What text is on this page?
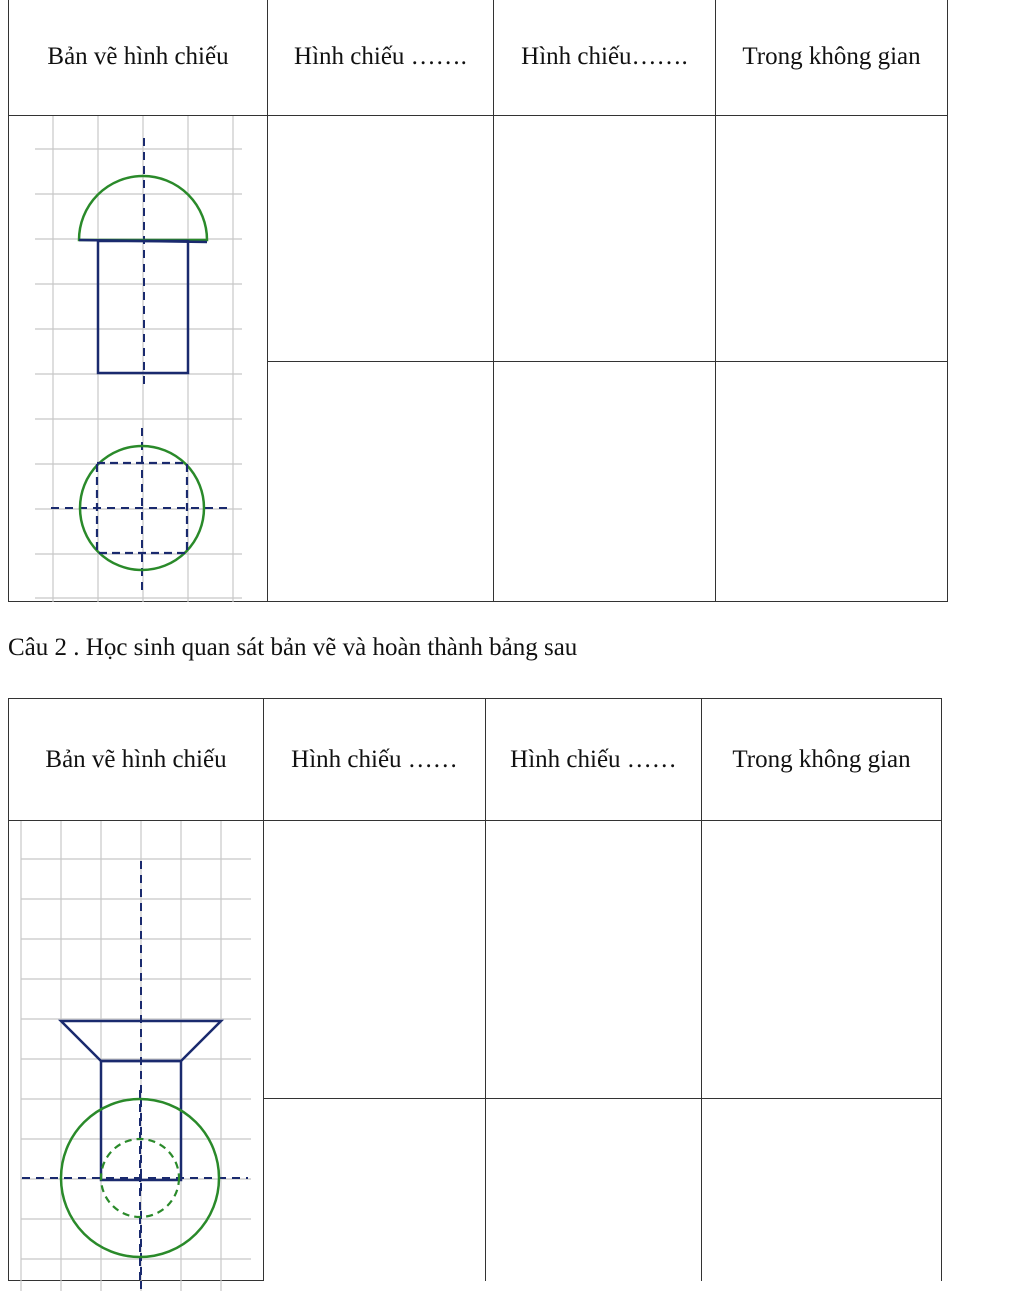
Bản vẽ hình chiếu	Hình chiếu …….	Hình chiếu…….	Trong không gian

Câu 2 . Học sinh quan sát bản vẽ và hoàn thành bảng sau
Bản vẽ hình chiếu	Hình chiếu ……	Hình chiếu ……	Trong không gian
